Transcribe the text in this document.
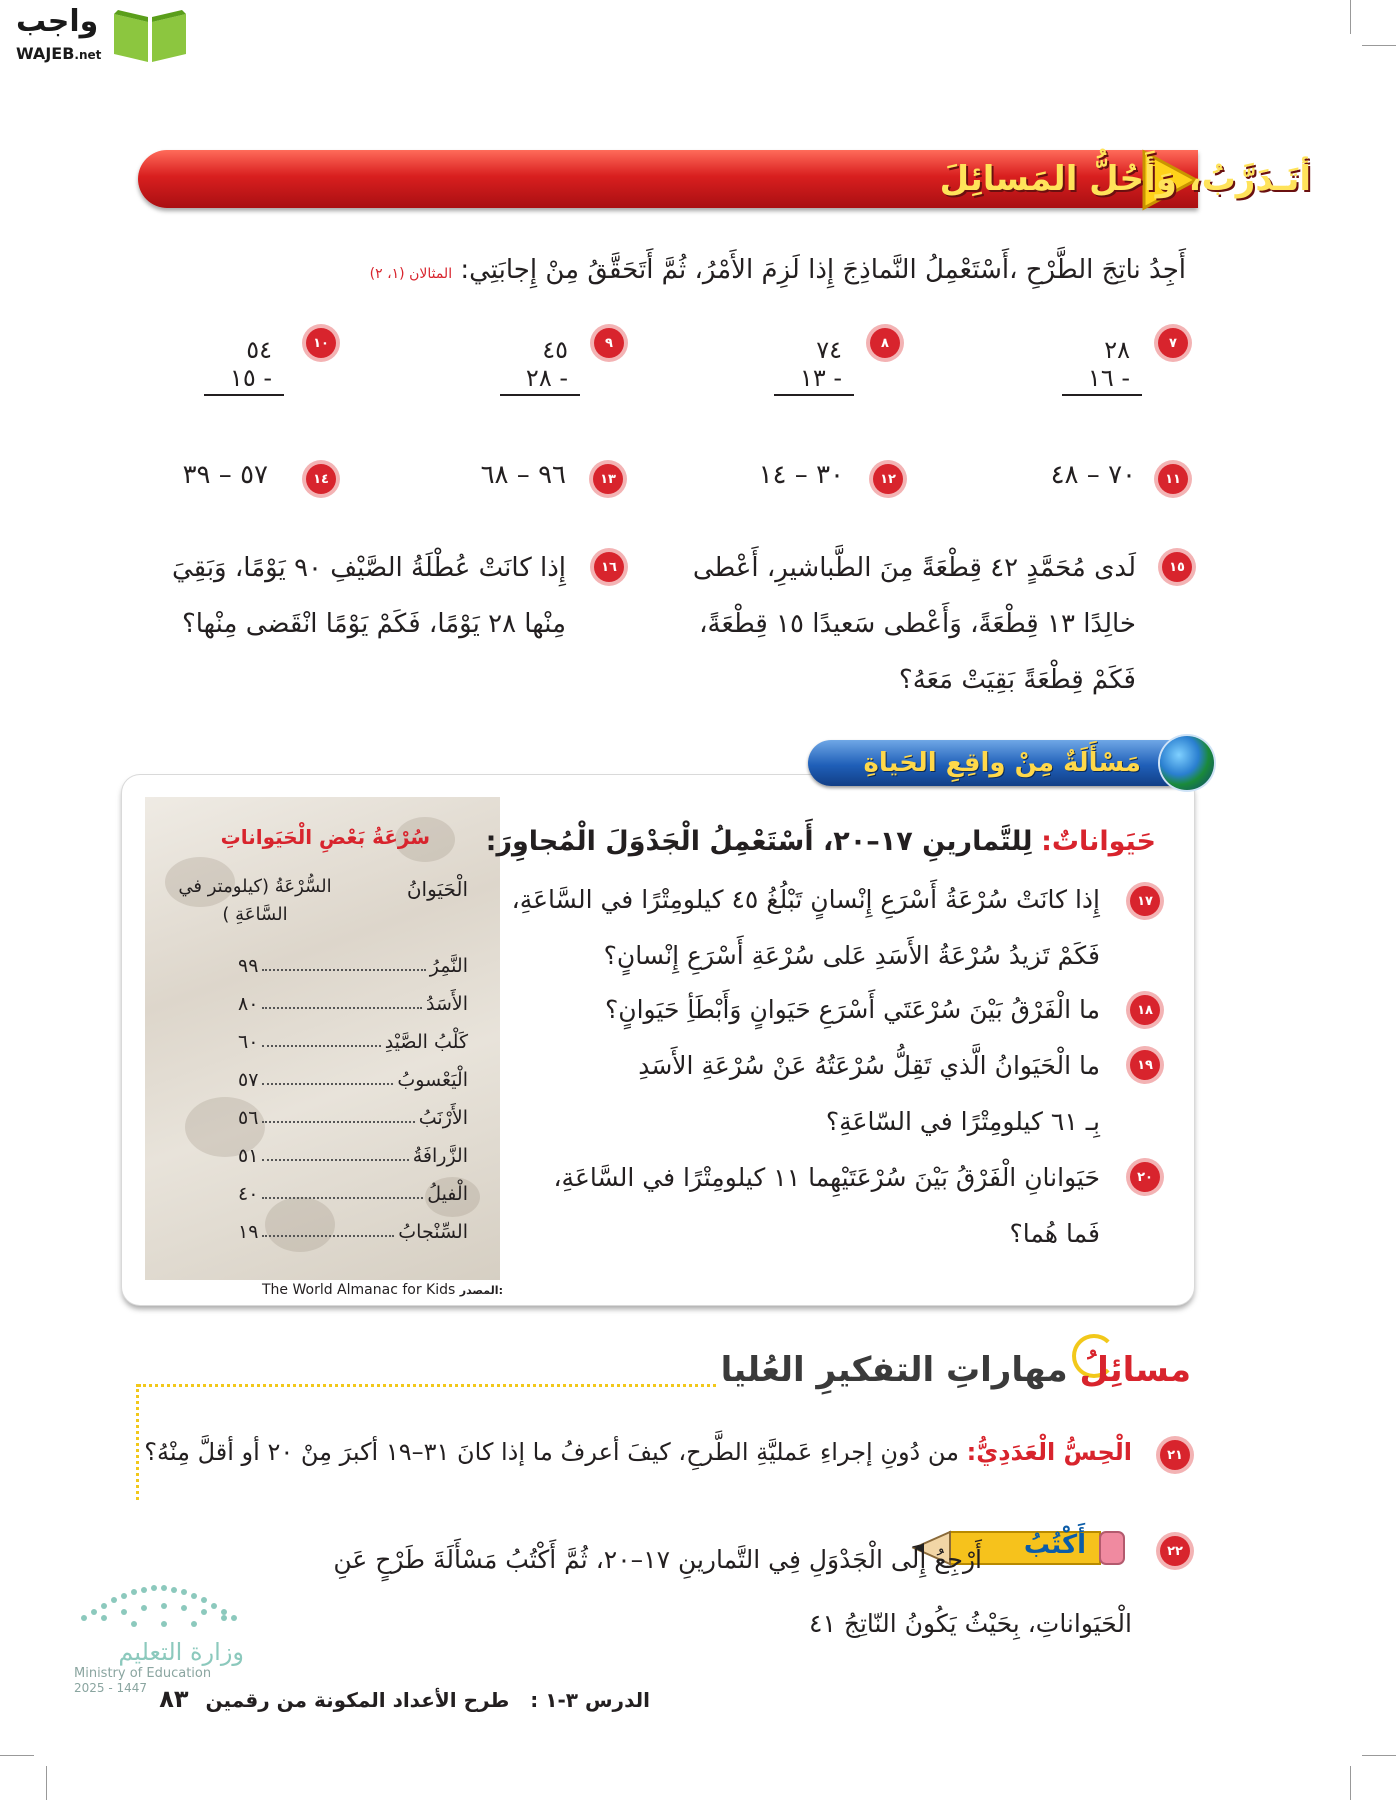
واجب
WAJEB.net
أتَـدَرَّبُ، وَأَحُلُّ المَسائِلَ
أَجِدُ ناتِجَ الطَّرْحِ ،أَسْتَعْمِلُ النَّماذِجَ إِذا لَزِمَ الأَمْرُ، ثُمَّ أَتَحَقَّقُ مِنْ إِجابَتِي: المثالان (١، ٢)
٧
٢٨
١٦ -
٨
٧٤
١٣ -
٩
٤٥
٢٨ -
١٠
٥٤
١٥ -
١١
٧٠ – ٤٨
١٢
٣٠ – ١٤
١٣
٩٦ – ٦٨
١٤
٥٧ – ٣٩
١٥
لَدى مُحَمَّدٍ ٤٢ قِطْعَةً مِنَ الطَّباشيرِ، أَعْطى
خالِدًا ١٣ قِطْعَةً، وَأَعْطى سَعيدًا ١٥ قِطْعَةً،
فَكَمْ قِطْعَةً بَقِيَتْ مَعَهُ؟
١٦
إِذا كانَتْ عُطْلَةُ الصَّيْفِ ٩٠ يَوْمًا، وَبَقِيَ
مِنْها ٢٨ يَوْمًا، فَكَمْ يَوْمًا انْقَضى مِنْها؟
مَسْأَلَةٌ مِنْ واقِعِ الحَياةِ
سُرْعَةُ بَعْضِ الْحَيَواناتِ
الْحَيَوانُ
السُّرْعَةُ (كيلومتر في السَّاعَةِ )
النَّمِرُ
٩٩
الأَسَدُ
٨٠
كَلْبُ الصَّيْدِ
٦٠
الْيَعْسوبُ
٥٧
الأَرْنَبُ
٥٦
الزَّرافَةُ
٥١
الْفيلُ
٤٠
السِّنْجابُ
١٩
The World Almanac for Kids المصدر:
حَيَواناتٌ: لِلتَّمارينِ ١٧–٢٠، أَسْتَعْمِلُ الْجَدْوَلَ الْمُجاوِرَ:
١٧
إِذا كانَتْ سُرْعَةُ أَسْرَعِ إِنْسانٍ تَبْلُغُ ٤٥ كيلومِتْرًا في السَّاعَةِ،
فَكَمْ تَزيدُ سُرْعَةُ الأَسَدِ عَلى سُرْعَةِ أَسْرَعِ إِنْسانٍ؟
١٨
ما الْفَرْقُ بَيْنَ سُرْعَتَي أَسْرَعِ حَيَوانٍ وَأَبْطَأِ حَيَوانٍ؟
١٩
ما الْحَيَوانُ الَّذي تَقِلُّ سُرْعَتُهُ عَنْ سُرْعَةِ الأَسَدِ
بِـ ٦١ كيلومِتْرًا في السّاعَةِ؟
٢٠
حَيَوانانِ الْفَرْقُ بَيْنَ سُرْعَتَيْهِما ١١ كيلومِتْرًا في السَّاعَةِ،
فَما هُما؟
مسائِلُ مهاراتِ التفكيرِ العُليا
٢١
الْحِسُّ الْعَدَدِيُّ: من دُونِ إجراءِ عَمليَّةِ الطَّرحِ، كيفَ أعرفُ ما إذا كانَ ٣١–١٩ أكبرَ مِنْ ٢٠ أو أقلَّ مِنْهُ؟
٢٢
أَكْتُبُ
أَرْجِعُ إِلَى الْجَدْوَلِ فِي التَّمارينِ ١٧–٢٠، ثُمَّ أَكْتُبُ مَسْأَلَةَ طَرْحٍ عَنِ
الْحَيَواناتِ، بِحَيْثُ يَكُونُ النّاتِجُ ٤١
وزارة التعليم
Ministry of Education
2025 - 1447	الدرس ٣-١ : طرح الأعداد المكونة من رقمين ٨٣
